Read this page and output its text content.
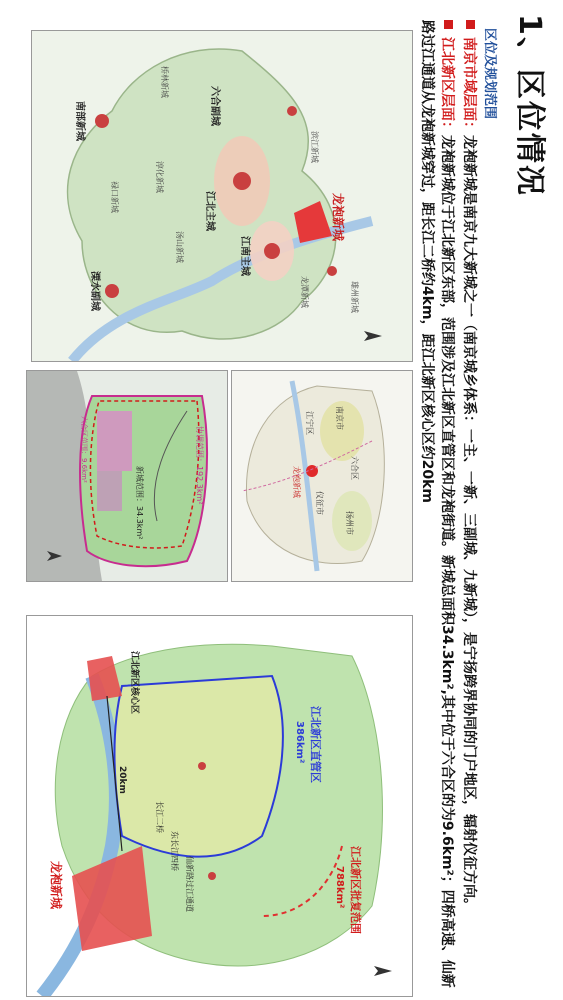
1、区位情况
区位及规划范围
南京市域层面：龙袍新城是南京九大新城之一（南京城乡体系：一主、一新、三副城、九新城），是宁扬跨界协同的门户地区，辐射仪征方向。
江北新区层面：龙袍新城位于江北新区东部，范围涉及江北新区直管区和龙袍街道。新城总面积34.3km²,其中位于六合区的为9.6km²；四桥高速、仙新路过江通道从龙袍新城穿过，距长江二桥约4km，距江北新区核心区约20km
龙袍新城
六合副城
江北主城
江南主城
溧水副城
南部新城
滨江新城
汤山新城
龙潭新城
淳化新城
桥林新城
禄口新城
雄州新城
南京市
六合区
龙袍新城
仪征市
扬州市
江宁区
协调范围：192.3km²
新城范围：34.3km²
六合区范围：9.6km²
江北新区批复范围
788km²
江北新区直管区
386km²
江北新区核心区
20km
龙袍新城
长江二桥
东长江四桥
仙新路过江通道
